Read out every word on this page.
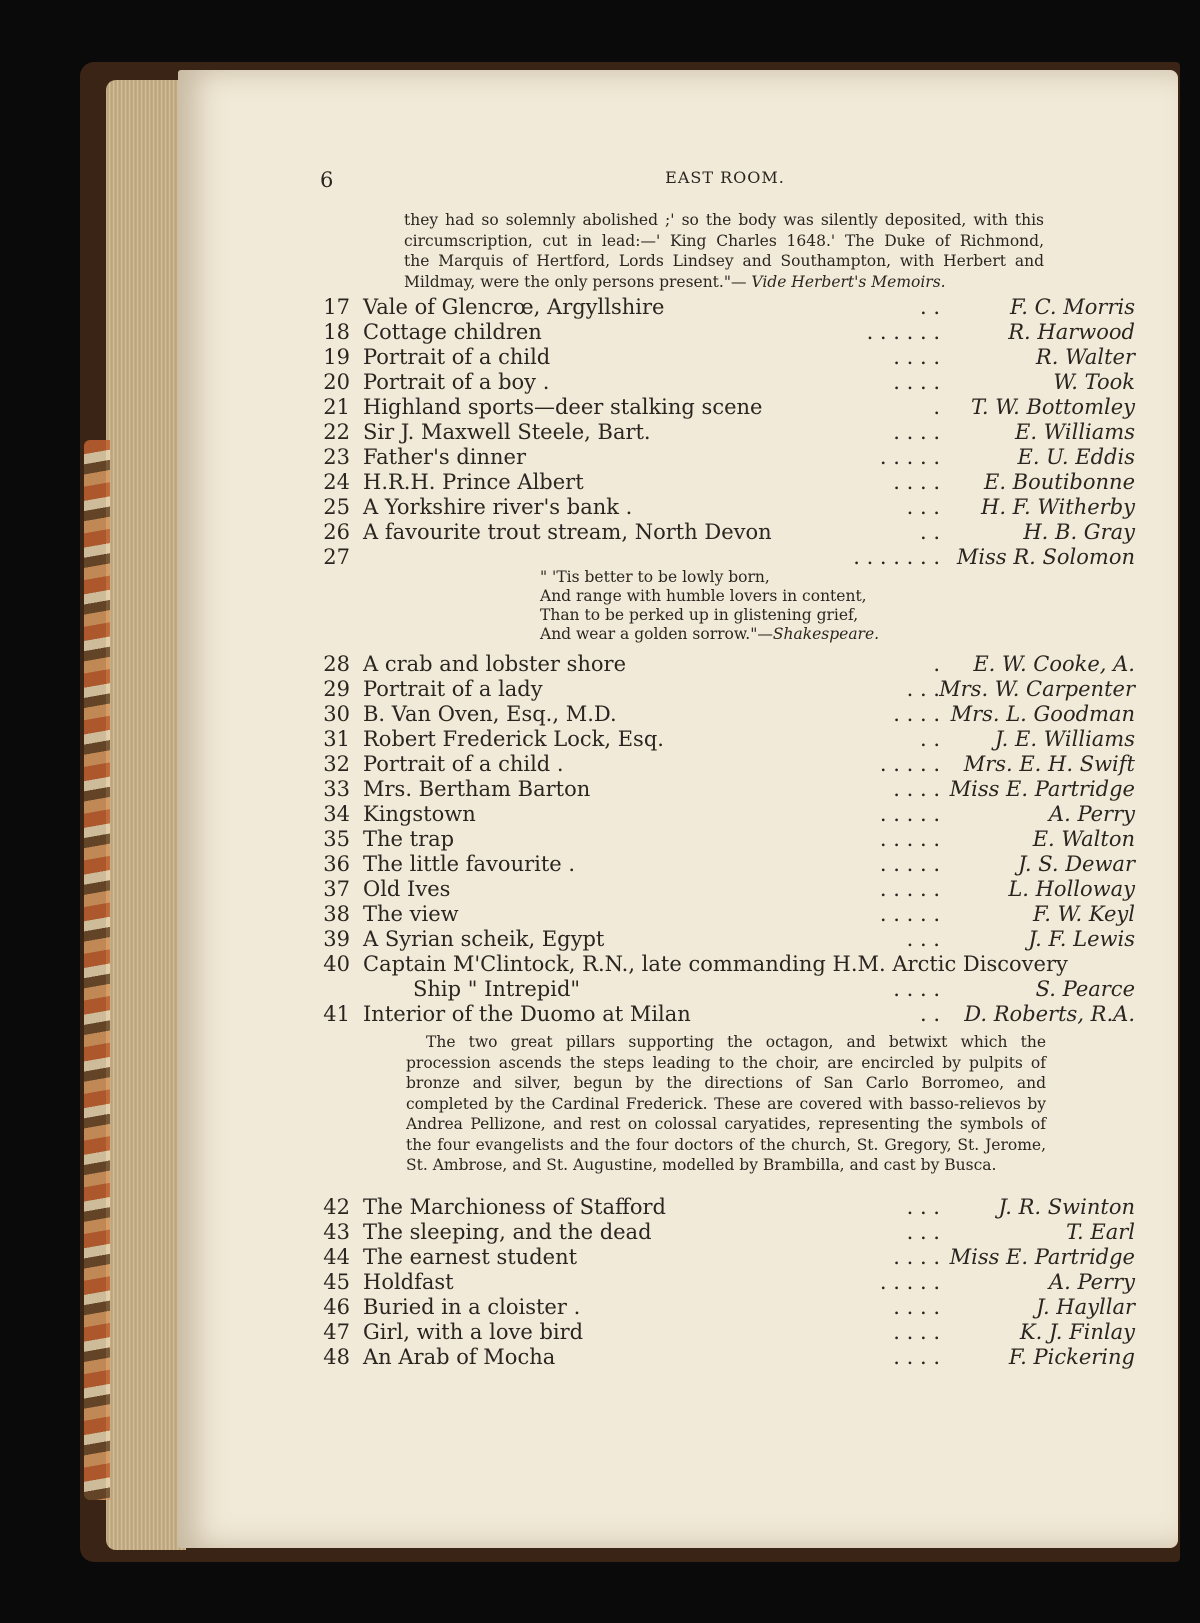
6	EAST ROOM.

they had so solemnly abolished ;' so the body was silently deposited, with this

circumscription, cut in lead:—' King Charles 1648.' The Duke of Richmond,

the Marquis of Hertford, Lords Lindsey and Southampton, with Herbert and

Mildmay, were the only persons present."— Vide Herbert's Memoirs.

17 Vale of Glencrœ, Argyllshire	. .	F. C. Morris
18 Cottage children	. . . . . .	R. Harwood
19 Portrait of a child	. . . .	R. Walter
20 Portrait of a boy .	. . . .	W. Took
21 Highland sports—deer stalking scene	. T. W. Bottomley
22 Sir J. Maxwell Steele, Bart.	. . . .	E. Williams
23 Father's dinner	. . . . .	E. U. Eddis
24 H.R.H. Prince Albert	. . . . E. Boutibonne
25 A Yorkshire river's bank .	. . . H. F. Witherby
26 A favourite trout stream, North Devon	. .	H. B. Gray
27	. . . . . . . Miss R. Solomon
" 'Tis better to be lowly born,
And range with humble lovers in content,
Than to be perked up in glistening grief,
And wear a golden sorrow."—Shakespeare.
28 A crab and lobster shore	. E. W. Cooke, A.
29 Portrait of a lady	. . . Mrs. W. Carpenter
30 B. Van Oven, Esq., M.D.	. . . . Mrs. L. Goodman
31 Robert Frederick Lock, Esq.	. .	J. E. Williams
32 Portrait of a child .	. . . . . Mrs. E. H. Swift
33 Mrs. Bertham Barton	. . . . Miss E. Partridge
34 Kingstown	. . . . .	A. Perry
35 The trap	. . . . .	E. Walton
36 The little favourite .	. . . . .	J. S. Dewar
37 Old Ives	. . . . .	L. Holloway
38 The view	. . . . .	F. W. Keyl
39 A Syrian scheik, Egypt	. . .	J. F. Lewis
40 Captain M'Clintock, R.N., late commanding H.M. Arctic Discovery
Ship " Intrepid"	. . . .	S. Pearce
41 Interior of the Duomo at Milan	. . D. Roberts, R.A.
The two great pillars supporting the octagon, and betwixt which the procession ascends the steps leading to the choir, are encircled by pulpits of bronze and silver, begun by the directions of San Carlo Borromeo, and completed by the Cardinal Frederick. These are covered with basso-relievos by Andrea Pellizone, and rest on colossal caryatides, representing the symbols of the four evangelists and the four doctors of the church, St. Gregory, St. Jerome, St. Ambrose, and St. Augustine, modelled by Brambilla, and cast by Busca.
42 The Marchioness of Stafford	. . .	J. R. Swinton
43 The sleeping, and the dead	. . .	T. Earl
44 The earnest student	. . . . Miss E. Partridge
45 Holdfast	. . . . .	A. Perry
46 Buried in a cloister .	. . . .	J. Hayllar
47 Girl, with a love bird	. . . .	K. J. Finlay
48 An Arab of Mocha	. . . .	F. Pickering
